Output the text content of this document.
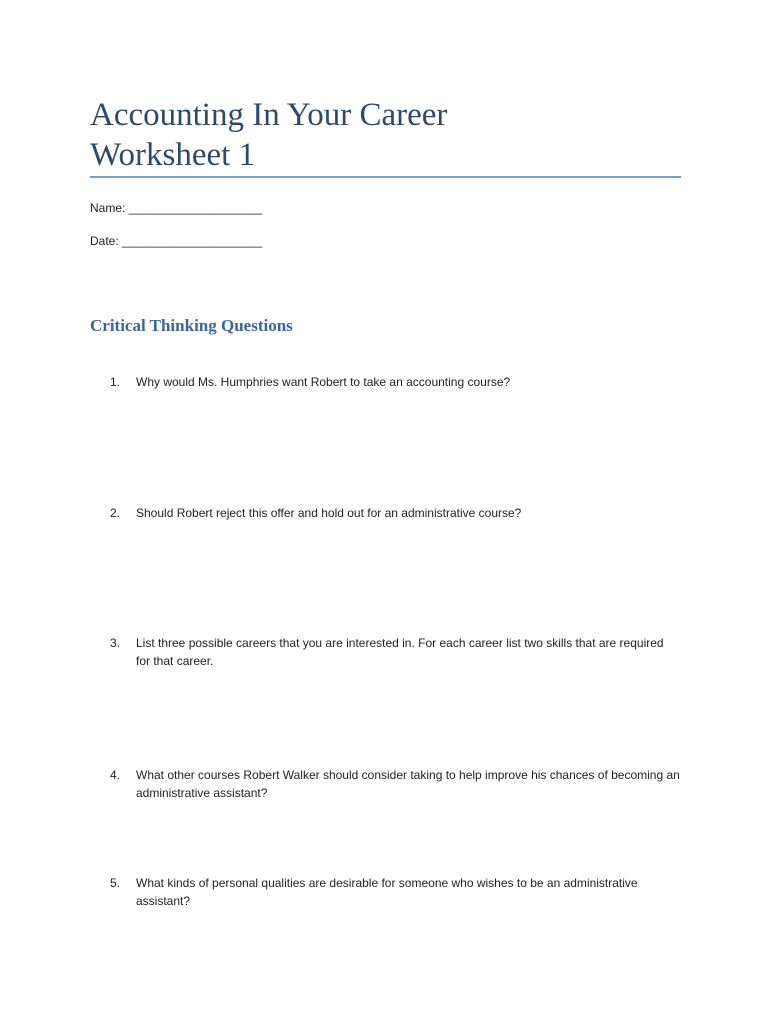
Accounting In Your Career
Worksheet 1
Name: ____________________
Date: _____________________
Critical Thinking Questions
1.	Why would Ms. Humphries want Robert to take an accounting course?
2.	Should Robert reject this offer and hold out for an administrative course?
3.	List three possible careers that you are interested in. For each career list two skills that are required for that career.
4.	What other courses Robert Walker should consider taking to help improve his chances of becoming an administrative assistant?
5.	What kinds of personal qualities are desirable for someone who wishes to be an administrative assistant?
